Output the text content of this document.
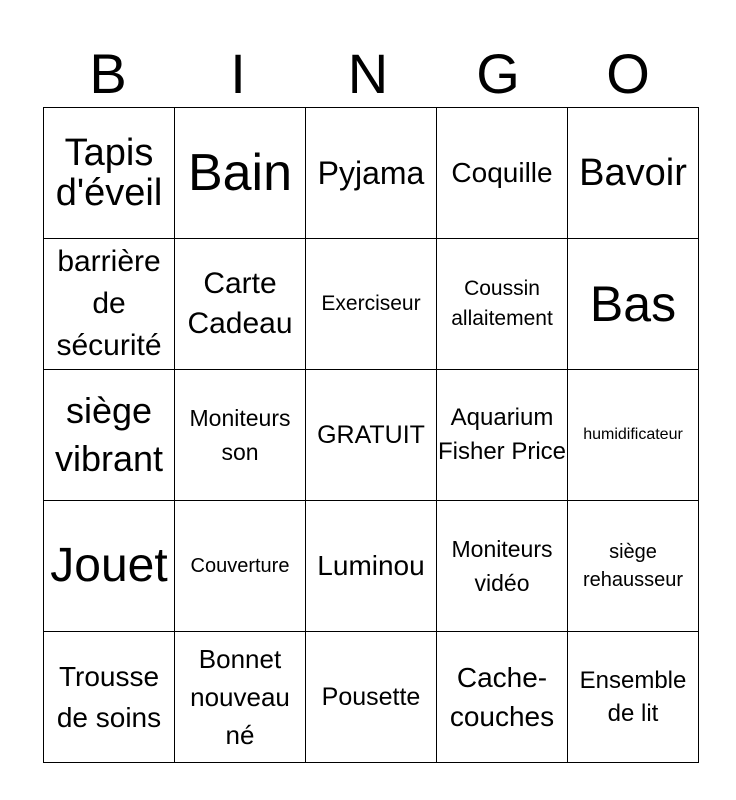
B	I	N	G	O
Tapis d'éveil	Bain	Pyjama	Coquille	Bavoir

barrière de sécurité	Carte Cadeau	Exerciseur	Coussin allaitement	Bas

siège vibrant	Moniteurs son	GRATUIT	Aquarium Fisher Price	humidificateur

Jouet	Couverture	Luminou	Moniteurs vidéo	siège rehausseur

Trousse de soins	Bonnet nouveau né	Pousette	Cache-couches	Ensemble de lit
